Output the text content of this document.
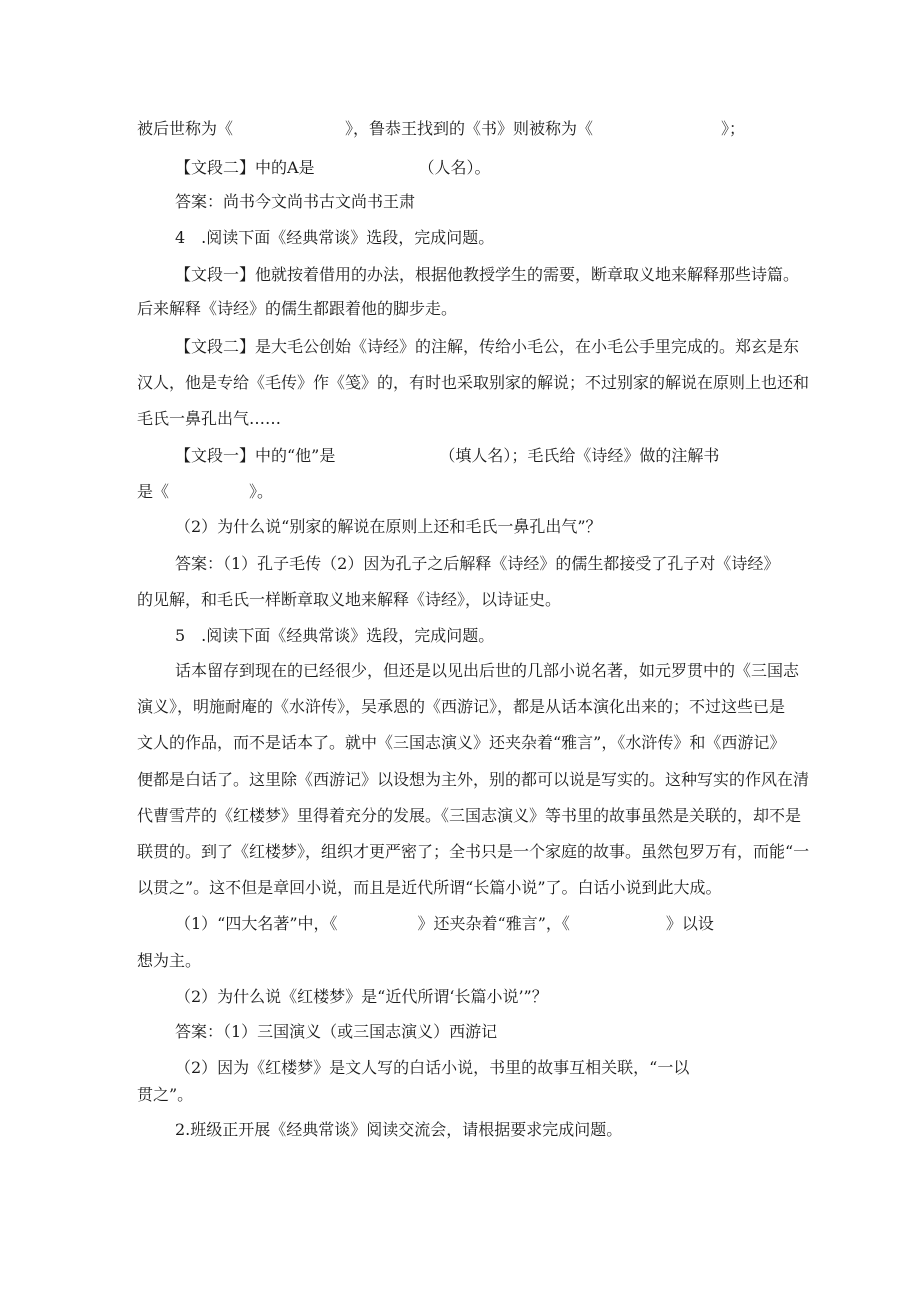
被后世称为《　　　　　　　》，鲁恭王找到的《书》则被称为《　　　　　　　　》；
【文段二】中的A是　　　　　　　（人名）。
答案：尚书今文尚书古文尚书王肃
4　.阅读下面《经典常谈》选段，完成问题。
【文段一】他就按着借用的办法，根据他教授学生的需要，断章取义地来解释那些诗篇。
后来解释《诗经》的儒生都跟着他的脚步走。
【文段二】是大毛公创始《诗经》的注解，传给小毛公，在小毛公手里完成的。郑玄是东
汉人，他是专给《毛传》作《笺》的，有时也采取别家的解说；不过别家的解说在原则上也还和
毛氏一鼻孔出气……
【文段一】中的“他”是　　　　　　　（填人名）；毛氏给《诗经》做的注解书
是《　　　　　》。
（2）为什么说“别家的解说在原则上还和毛氏一鼻孔出气”？
答案：（1）孔子毛传（2）因为孔子之后解释《诗经》的儒生都接受了孔子对《诗经》
的见解，和毛氏一样断章取义地来解释《诗经》，以诗证史。
5　.阅读下面《经典常谈》选段，完成问题。
话本留存到现在的已经很少，但还是以见出后世的几部小说名著，如元罗贯中的《三国志
演义》，明施耐庵的《水浒传》，吴承恩的《西游记》，都是从话本演化出来的；不过这些已是
文人的作品，而不是话本了。就中《三国志演义》还夹杂着“雅言”，《水浒传》和《西游记》
便都是白话了。这里除《西游记》以设想为主外，别的都可以说是写实的。这种写实的作风在清
代曹雪芹的《红楼梦》里得着充分的发展。《三国志演义》等书里的故事虽然是关联的，却不是
联贯的。到了《红楼梦》，组织才更严密了；全书只是一个家庭的故事。虽然包罗万有，而能“一
以贯之”。这不但是章回小说，而且是近代所谓“长篇小说”了。白话小说到此大成。
（1）“四大名著”中，《　　　　　》还夹杂着“雅言”，《　　　　　　》以设
想为主。
（2）为什么说《红楼梦》是“近代所谓‘长篇小说’”？
答案：（1）三国演义（或三国志演义）西游记
（2）因为《红楼梦》是文人写的白话小说，书里的故事互相关联，“一以
贯之”。
2.班级正开展《经典常谈》阅读交流会，请根据要求完成问题。
